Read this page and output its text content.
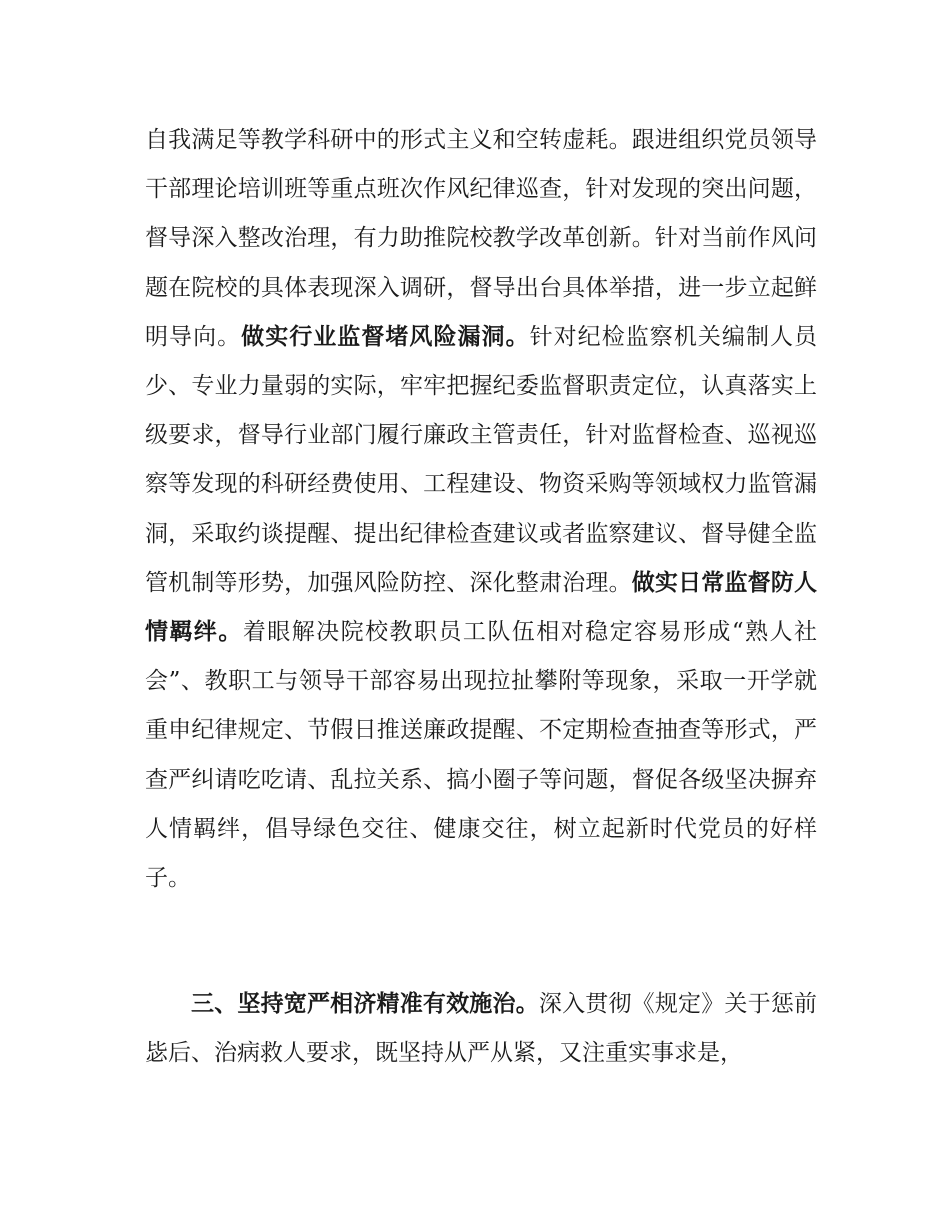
自我满足等教学科研中的形式主义和空转虚耗。跟进组织党员领导干部理论培训班等重点班次作风纪律巡查，针对发现的突出问题，督导深入整改治理，有力助推院校教学改革创新。针对当前作风问题在院校的具体表现深入调研，督导出台具体举措，进一步立起鲜明导向。做实行业监督堵风险漏洞。针对纪检监察机关编制人员少、专业力量弱的实际，牢牢把握纪委监督职责定位，认真落实上级要求，督导行业部门履行廉政主管责任，针对监督检查、巡视巡察等发现的科研经费使用、工程建设、物资采购等领域权力监管漏洞，采取约谈提醒、提出纪律检查建议或者监察建议、督导健全监管机制等形势，加强风险防控、深化整肃治理。做实日常监督防人情羁绊。着眼解决院校教职员工队伍相对稳定容易形成“熟人社会”、教职工与领导干部容易出现拉扯攀附等现象，采取一开学就重申纪律规定、节假日推送廉政提醒、不定期检查抽查等形式，严查严纠请吃吃请、乱拉关系、搞小圈子等问题，督促各级坚决摒弃人情羁绊，倡导绿色交往、健康交往，树立起新时代党员的好样子。
三、坚持宽严相济精准有效施治。深入贯彻《规定》关于惩前毖后、治病救人要求，既坚持从严从紧，又注重实事求是，
